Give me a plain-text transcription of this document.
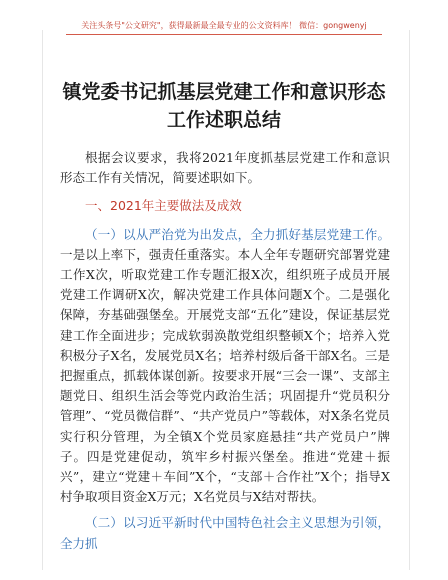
关注头条号"公文研究"，获得最新最全最专业的公文资料库！ 微信：gongwenyj
镇党委书记抓基层党建工作和意识形态工作述职总结

根据会议要求，我将2021年度抓基层党建工作和意识形态工作有关情况，简要述职如下。

一、2021年主要做法及成效

（一）以从严治党为出发点，全力抓好基层党建工作。一是以上率下，强责任重落实。本人全年专题研究部署党建工作X次，听取党建工作专题汇报X次，组织班子成员开展党建工作调研X次，解决党建工作具体问题X个。二是强化保障，夯基础强堡垒。开展党支部“五化”建设，保证基层党建工作全面进步；完成软弱涣散党组织整顿X个；培养入党积极分子X名，发展党员X名；培养村级后备干部X名。三是把握重点，抓载体谋创新。按要求开展“三会一课”、支部主题党日、组织生活会等党内政治生活；巩固提升“党员积分管理”、“党员微信群”、“共产党员户”等载体，对X条名党员实行积分管理，为全镇X个党员家庭悬挂“共产党员户”牌子。四是党建促动，筑牢乡村振兴堡垒。推进“党建＋振兴”，建立“党建＋车间”X个，“支部＋合作社”X个；指导X村争取项目资金X万元；X名党员与X结对帮扶。

（二）以习近平新时代中国特色社会主义思想为引领，全力抓
